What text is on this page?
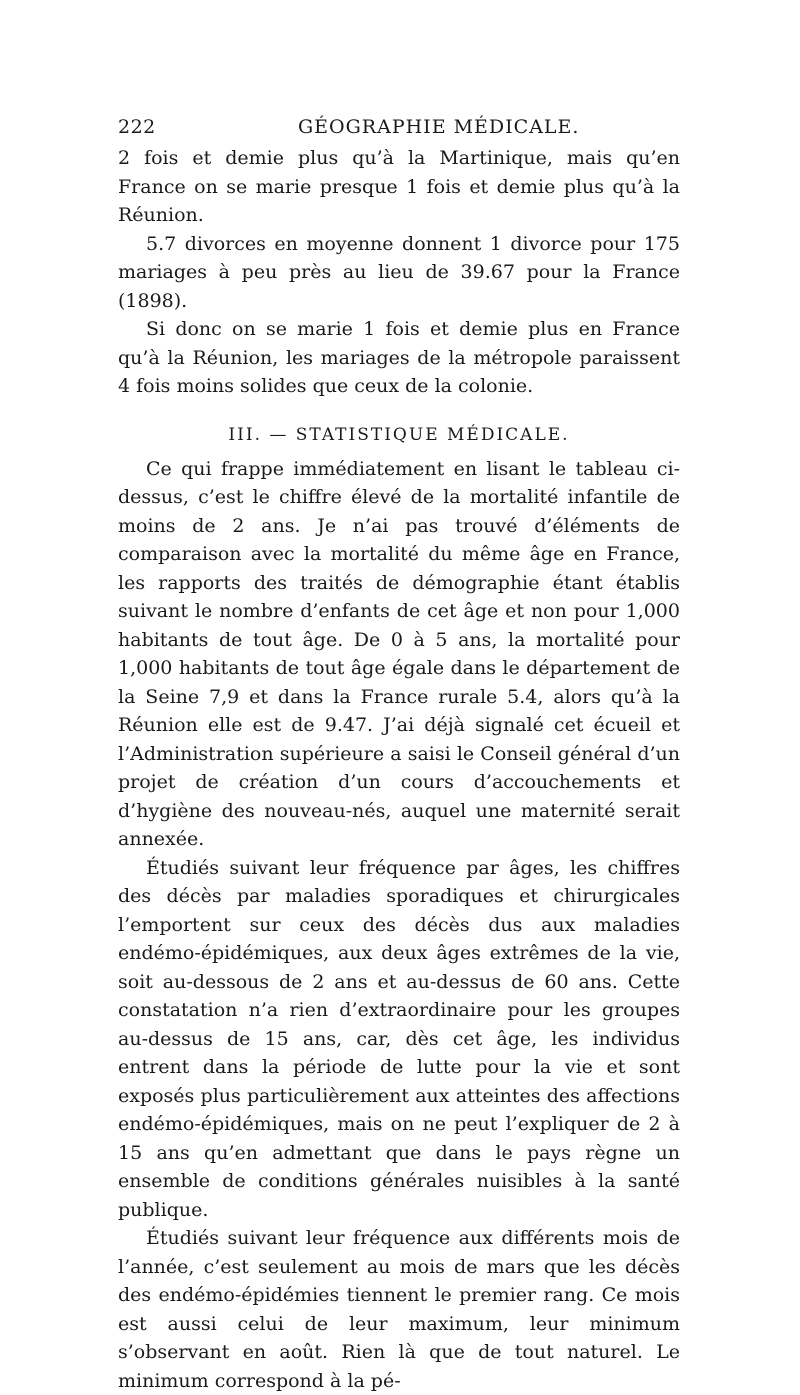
222	GÉOGRAPHIE MÉDICALE.

2 fois et demie plus qu’à la Martinique, mais qu’en France on se marie presque 1 fois et demie plus qu’à la Réunion.

5.7 divorces en moyenne donnent 1 divorce pour 175 mariages à peu près au lieu de 39.67 pour la France (1898).

Si donc on se marie 1 fois et demie plus en France qu’à la Réunion, les mariages de la métropole paraissent 4 fois moins solides que ceux de la colonie.

III. — STATISTIQUE MÉDICALE.

Ce qui frappe immédiatement en lisant le tableau ci-dessus, c’est le chiffre élevé de la mortalité infantile de moins de 2 ans. Je n’ai pas trouvé d’éléments de comparaison avec la mortalité du même âge en France, les rapports des traités de démographie étant établis suivant le nombre d’enfants de cet âge et non pour 1,000 habitants de tout âge. De 0 à 5 ans, la mortalité pour 1,000 habitants de tout âge égale dans le département de la Seine 7,9 et dans la France rurale 5.4, alors qu’à la Réunion elle est de 9.47. J’ai déjà signalé cet écueil et l’Administration supérieure a saisi le Conseil général d’un projet de création d’un cours d’accouchements et d’hygiène des nouveau-nés, auquel une maternité serait annexée.

Étudiés suivant leur fréquence par âges, les chiffres des décès par maladies sporadiques et chirurgicales l’emportent sur ceux des décès dus aux maladies endémo-épidémiques, aux deux âges extrêmes de la vie, soit au-dessous de 2 ans et au-dessus de 60 ans. Cette constatation n’a rien d’extraordinaire pour les groupes au-dessus de 15 ans, car, dès cet âge, les individus entrent dans la période de lutte pour la vie et sont exposés plus particulièrement aux atteintes des affections endémo-épidémiques, mais on ne peut l’expliquer de 2 à 15 ans qu’en admettant que dans le pays règne un ensemble de conditions générales nuisibles à la santé publique.

Étudiés suivant leur fréquence aux différents mois de l’année, c’est seulement au mois de mars que les décès des endémo-épidémies tiennent le premier rang. Ce mois est aussi celui de leur maximum, leur minimum s’observant en août. Rien là que de tout naturel. Le minimum correspond à la pé-
